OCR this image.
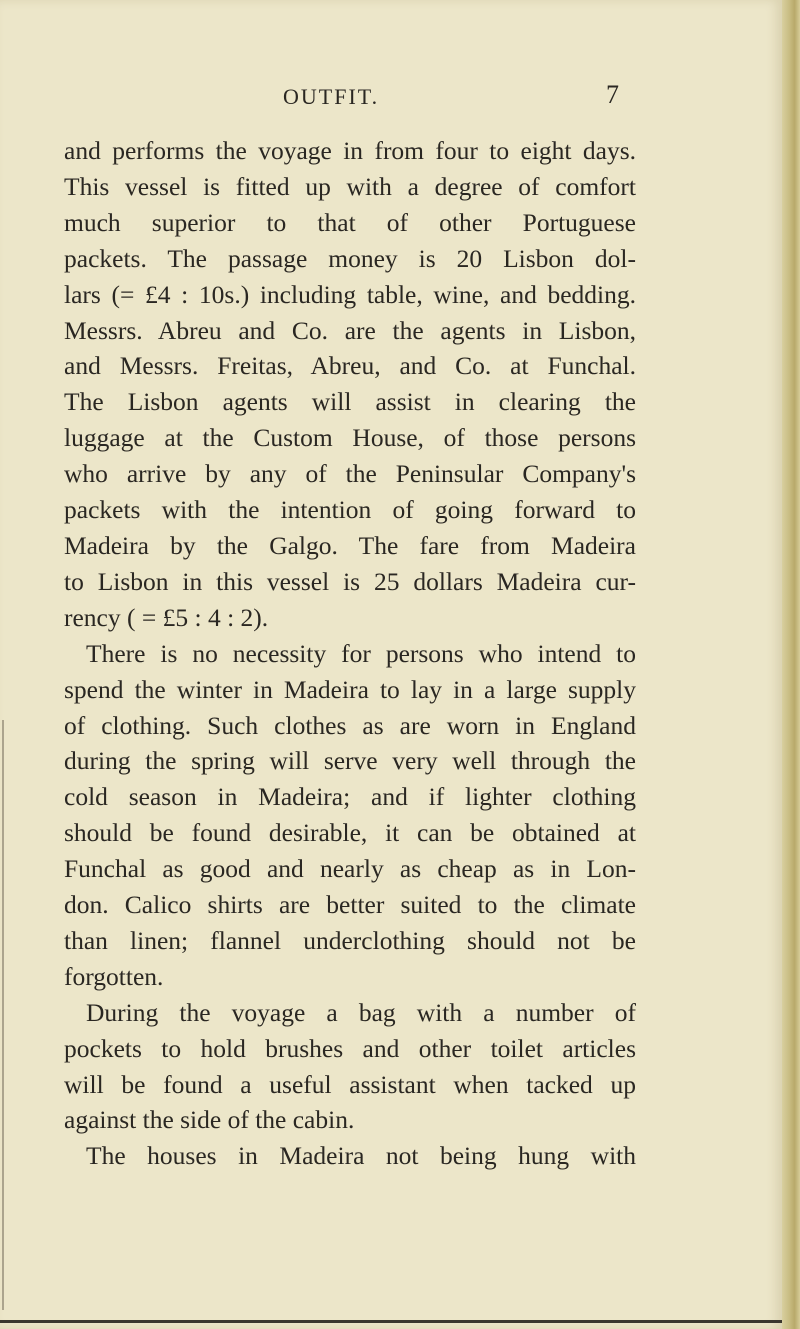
OUTFIT.	7
and performs the voyage in from four to eight days.
This vessel is fitted up with a degree of comfort
much superior to that of other Portuguese
packets. The passage money is 20 Lisbon dol-
lars (= £4 : 10s.) including table, wine, and bedding.
Messrs. Abreu and Co. are the agents in Lisbon,
and Messrs. Freitas, Abreu, and Co. at Funchal.
The Lisbon agents will assist in clearing the
luggage at the Custom House, of those persons
who arrive by any of the Peninsular Company's
packets with the intention of going forward to
Madeira by the Galgo. The fare from Madeira
to Lisbon in this vessel is 25 dollars Madeira cur-
rency ( = £5 : 4 : 2).
There is no necessity for persons who intend to
spend the winter in Madeira to lay in a large supply
of clothing. Such clothes as are worn in England
during the spring will serve very well through the
cold season in Madeira; and if lighter clothing
should be found desirable, it can be obtained at
Funchal as good and nearly as cheap as in Lon-
don. Calico shirts are better suited to the climate
than linen; flannel underclothing should not be
forgotten.
During the voyage a bag with a number of
pockets to hold brushes and other toilet articles
will be found a useful assistant when tacked up
against the side of the cabin.
The houses in Madeira not being hung with
